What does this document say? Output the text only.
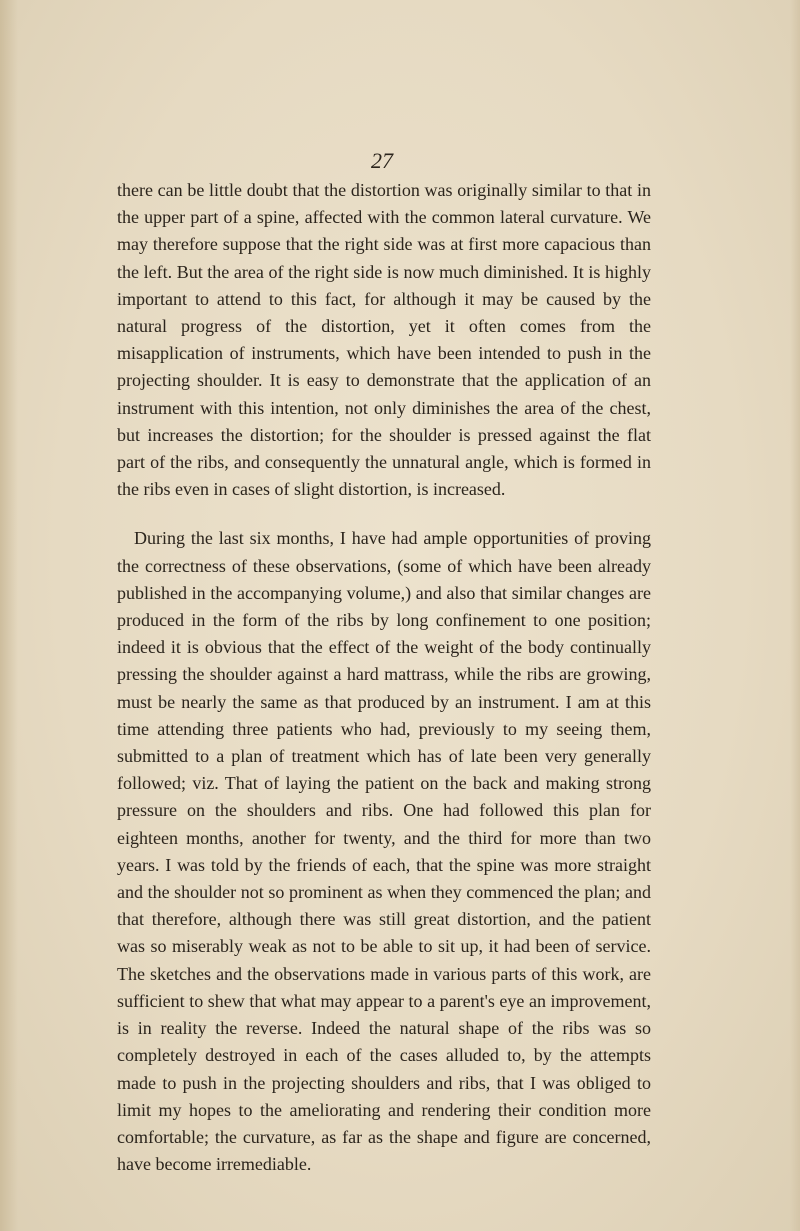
27

there can be little doubt that the distortion was originally similar to that in the upper part of a spine, affected with the common lateral curvature. We may therefore suppose that the right side was at first more capacious than the left. But the area of the right side is now much diminished. It is highly important to attend to this fact, for although it may be caused by the natural progress of the distortion, yet it often comes from the misapplication of instruments, which have been intended to push in the projecting shoulder. It is easy to demonstrate that the application of an instrument with this intention, not only diminishes the area of the chest, but increases the distortion; for the shoulder is pressed against the flat part of the ribs, and consequently the unnatural angle, which is formed in the ribs even in cases of slight distortion, is increased.

During the last six months, I have had ample opportunities of proving the correctness of these observations, (some of which have been already published in the accompanying volume,) and also that similar changes are produced in the form of the ribs by long confinement to one position; indeed it is obvious that the effect of the weight of the body continually pressing the shoulder against a hard mattrass, while the ribs are growing, must be nearly the same as that produced by an instrument. I am at this time attending three patients who had, previously to my seeing them, submitted to a plan of treatment which has of late been very generally followed; viz. That of laying the patient on the back and making strong pressure on the shoulders and ribs. One had followed this plan for eighteen months, another for twenty, and the third for more than two years. I was told by the friends of each, that the spine was more straight and the shoulder not so prominent as when they commenced the plan; and that therefore, although there was still great distortion, and the patient was so miserably weak as not to be able to sit up, it had been of service. The sketches and the observations made in various parts of this work, are sufficient to shew that what may appear to a parent's eye an improvement, is in reality the reverse. Indeed the natural shape of the ribs was so completely destroyed in each of the cases alluded to, by the attempts made to push in the projecting shoulders and ribs, that I was obliged to limit my hopes to the ameliorating and rendering their condition more comfortable; the curvature, as far as the shape and figure are concerned, have become irremediable.
